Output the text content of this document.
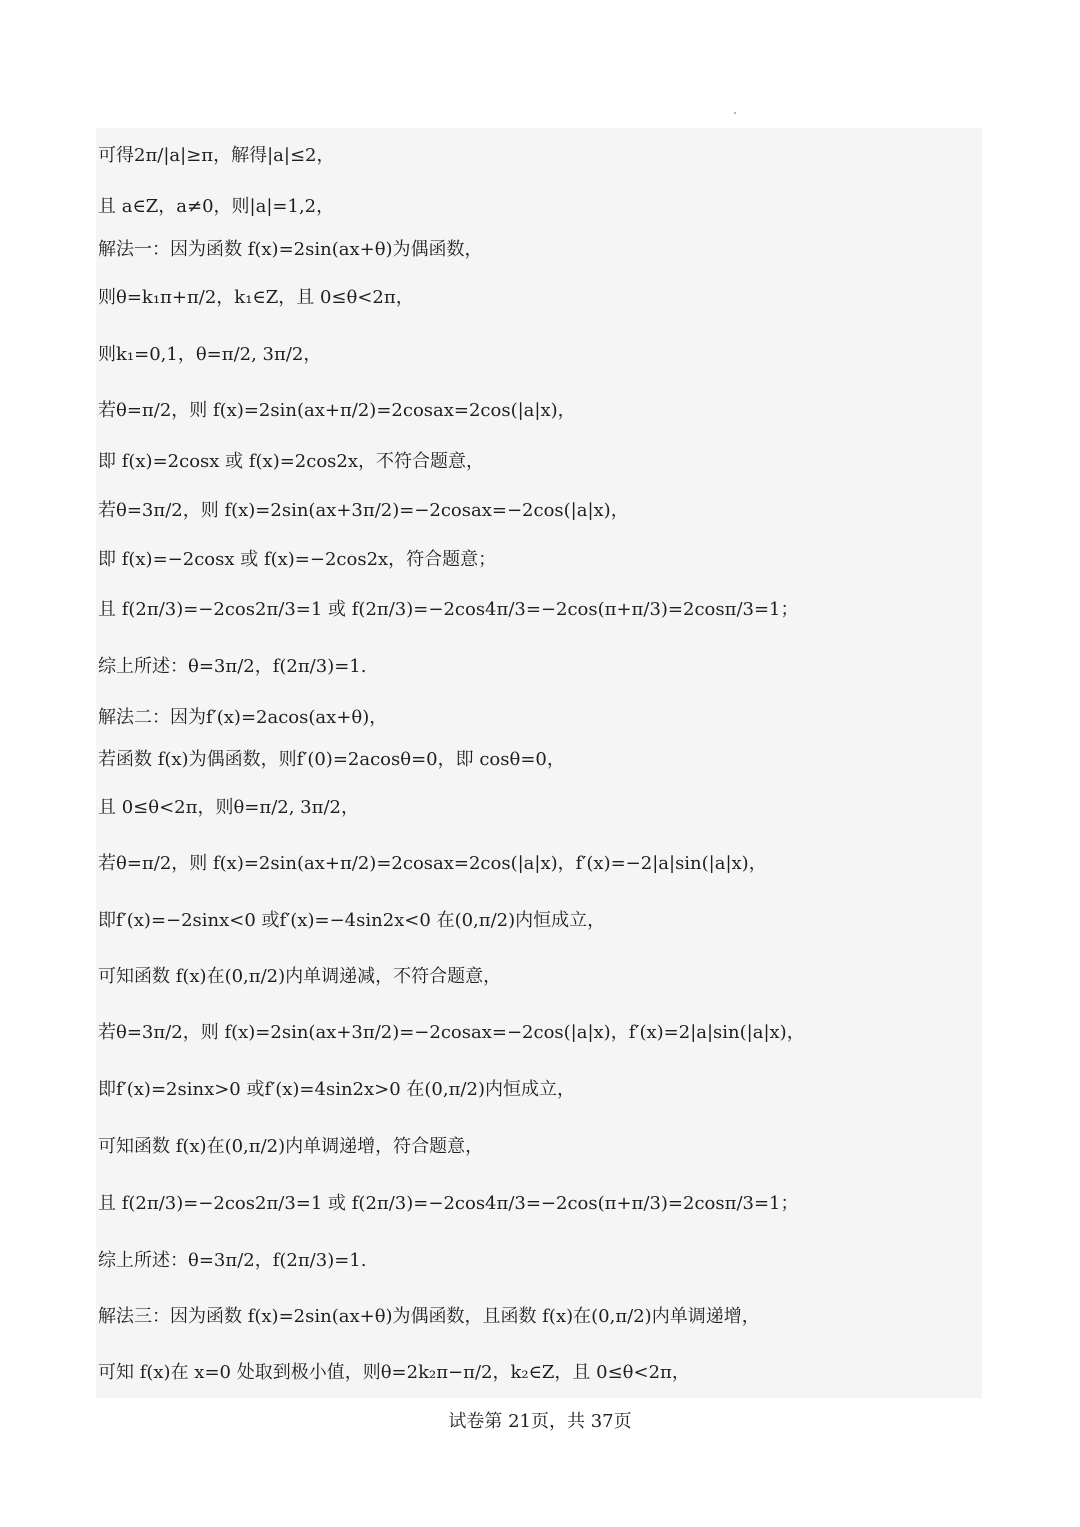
可得2π/|a|≥π，解得|a|≤2，
且 a∈Z，a≠0，则|a|=1,2，
解法一：因为函数 f(x)=2sin(ax+θ)为偶函数，
则θ=k₁π+π/2，k₁∈Z，且 0≤θ<2π，
则k₁=0,1，θ=π/2, 3π/2，
若θ=π/2，则 f(x)=2sin(ax+π/2)=2cosax=2cos(|a|x)，
即 f(x)=2cosx 或 f(x)=2cos2x，不符合题意，
若θ=3π/2，则 f(x)=2sin(ax+3π/2)=−2cosax=−2cos(|a|x)，
即 f(x)=−2cosx 或 f(x)=−2cos2x，符合题意；
且 f(2π/3)=−2cos2π/3=1 或 f(2π/3)=−2cos4π/3=−2cos(π+π/3)=2cosπ/3=1；
综上所述：θ=3π/2，f(2π/3)=1.
解法二：因为f′(x)=2acos(ax+θ)，
若函数 f(x)为偶函数，则f′(0)=2acosθ=0，即 cosθ=0，
且 0≤θ<2π，则θ=π/2, 3π/2，
若θ=π/2，则 f(x)=2sin(ax+π/2)=2cosax=2cos(|a|x)，f′(x)=−2|a|sin(|a|x)，
即f′(x)=−2sinx<0 或f′(x)=−4sin2x<0 在(0,π/2)内恒成立，
可知函数 f(x)在(0,π/2)内单调递减，不符合题意，
若θ=3π/2，则 f(x)=2sin(ax+3π/2)=−2cosax=−2cos(|a|x)，f′(x)=2|a|sin(|a|x)，
即f′(x)=2sinx>0 或f′(x)=4sin2x>0 在(0,π/2)内恒成立，
可知函数 f(x)在(0,π/2)内单调递增，符合题意，
且 f(2π/3)=−2cos2π/3=1 或 f(2π/3)=−2cos4π/3=−2cos(π+π/3)=2cosπ/3=1；
综上所述：θ=3π/2，f(2π/3)=1.
解法三：因为函数 f(x)=2sin(ax+θ)为偶函数，且函数 f(x)在(0,π/2)内单调递增，
可知 f(x)在 x=0 处取到极小值，则θ=2k₂π−π/2，k₂∈Z，且 0≤θ<2π，
试卷第 21页，共 37页
